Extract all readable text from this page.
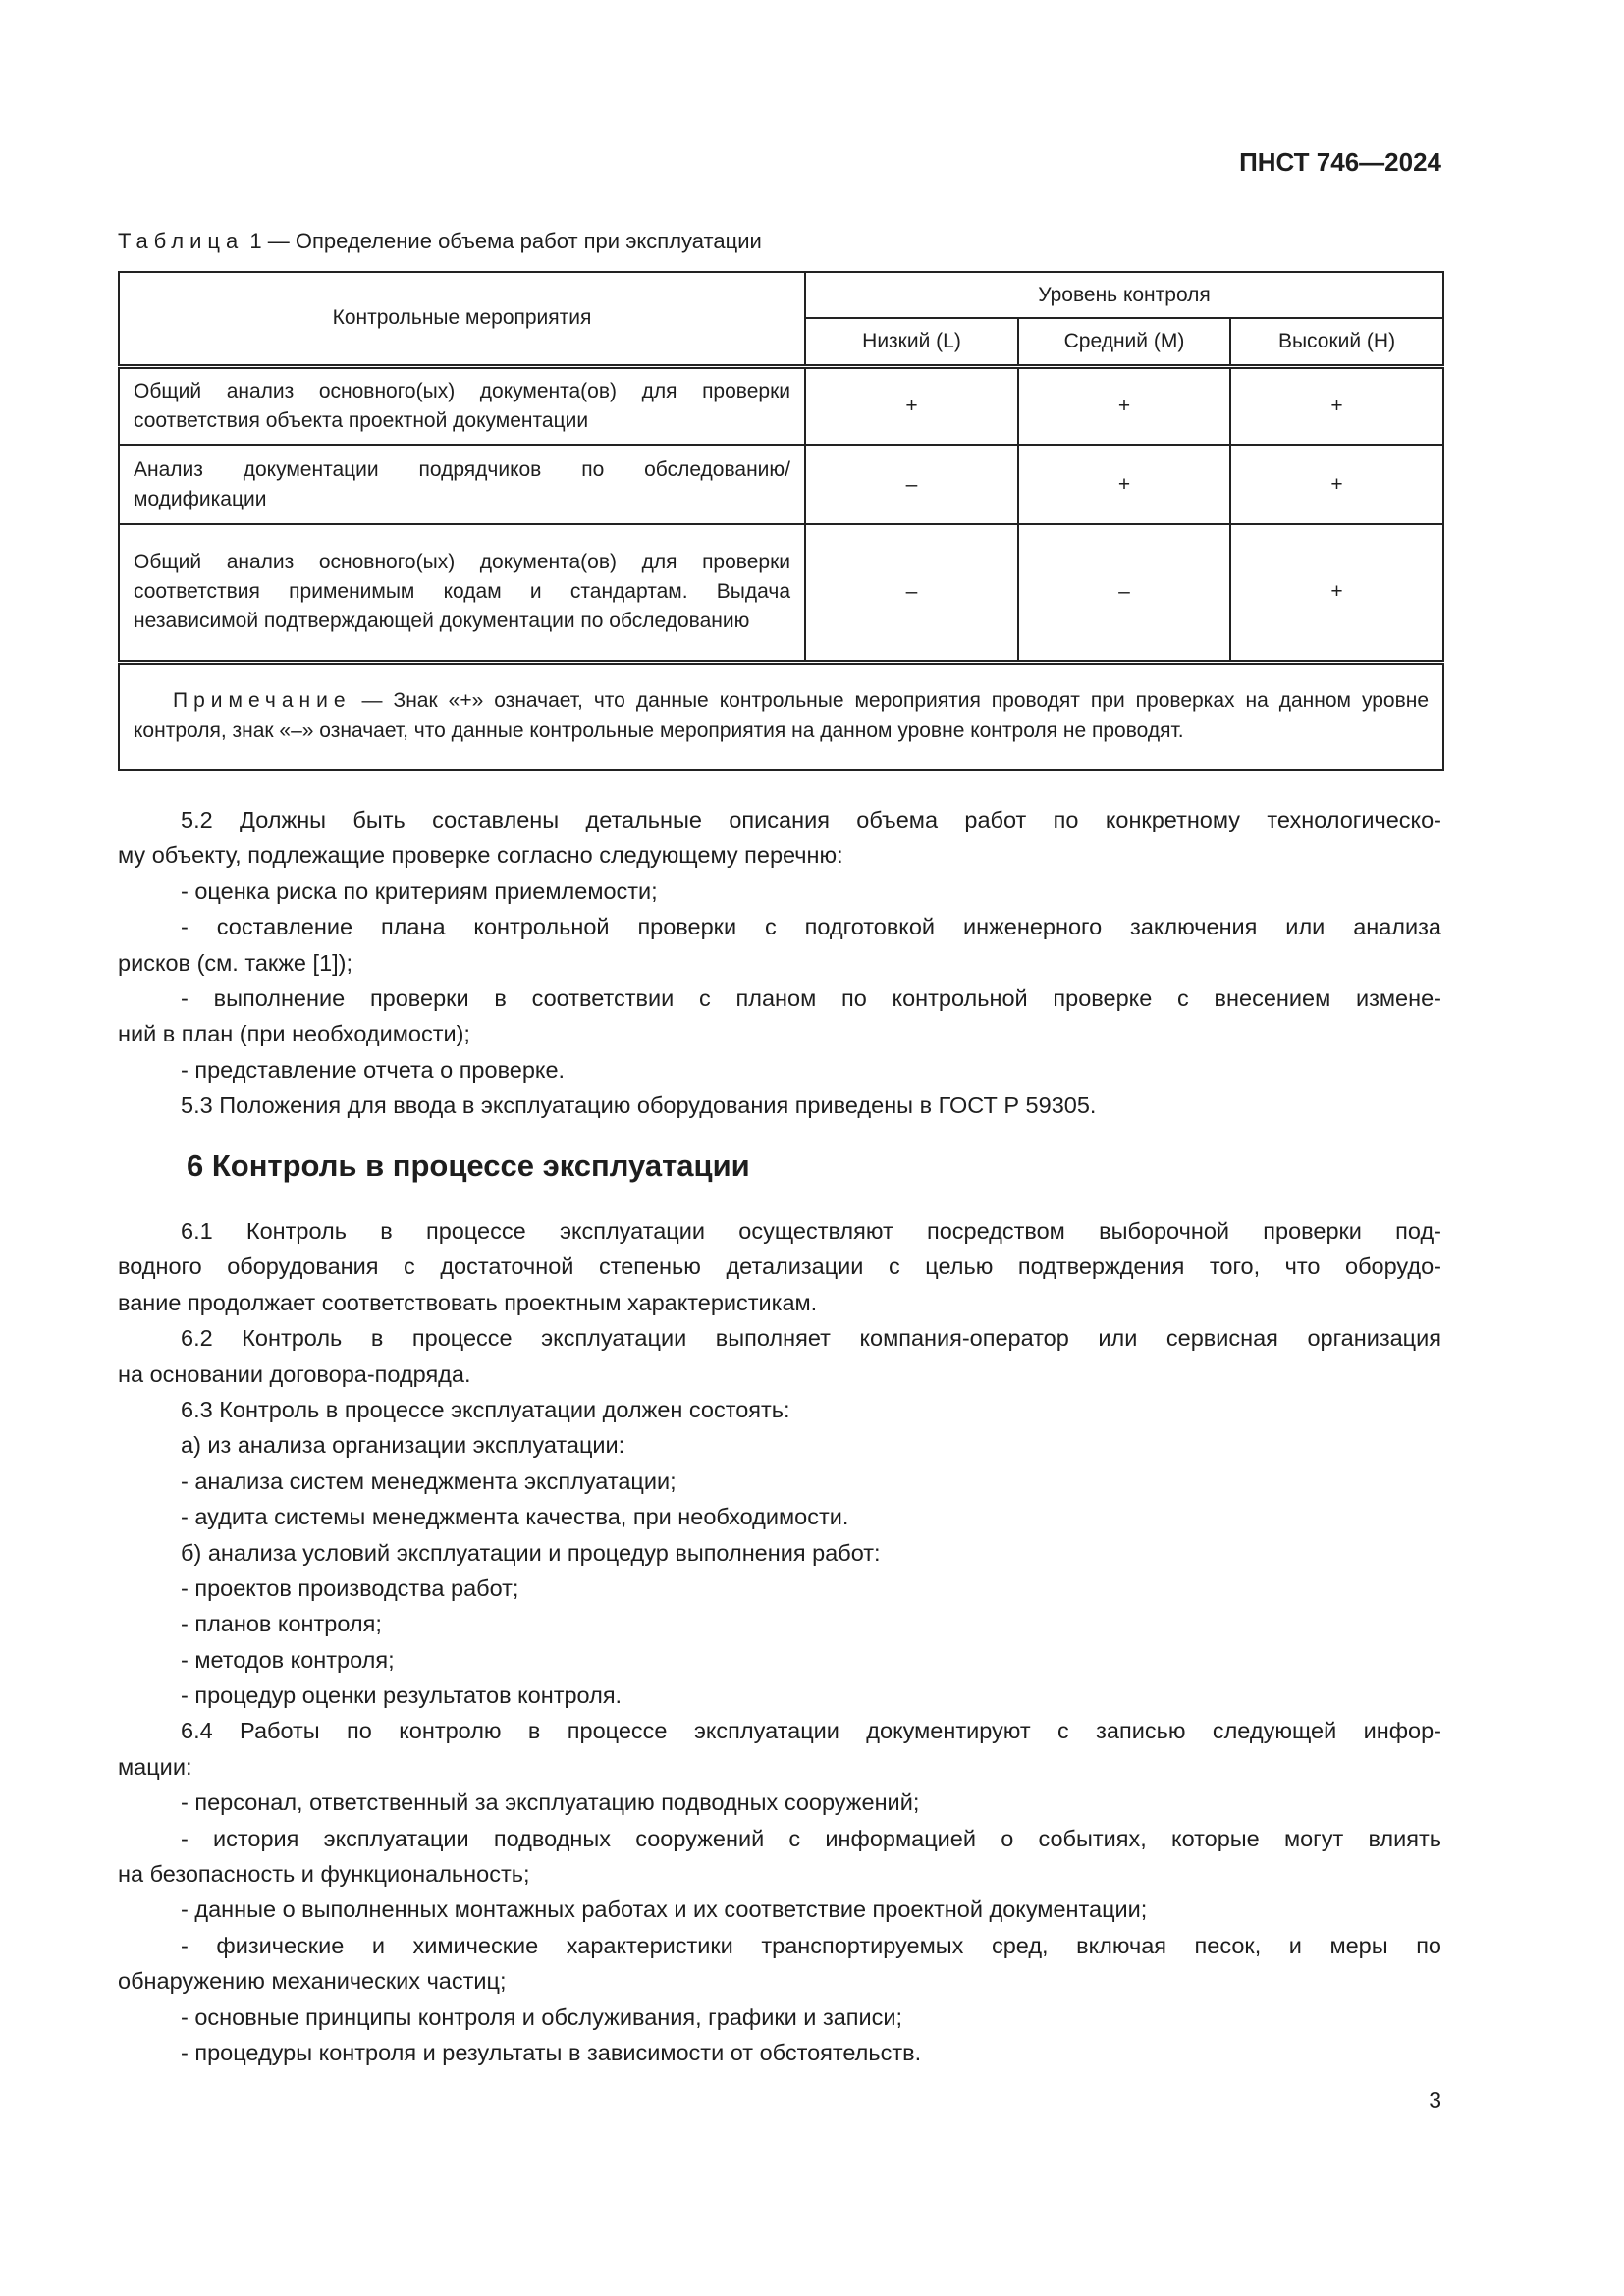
ПНСТ 746—2024
Таблица 1 — Определение объема работ при эксплуатации
Контрольные мероприятия	Уровень контроля		
	Низкий (L)	Средний (M)	Высокий (H)
Общий анализ основного(ых) документа(ов) для проверки соответствия объекта проектной документации	+	+	+
Анализ документации подрядчиков по обследованию/ модификации	–	+	+
Общий анализ основного(ых) документа(ов) для проверки соответствия применимым кодам и стандартам. Выдача независимой подтверждающей документации по обследованию	–	–	+
Примечание — Знак «+» означает, что данные контрольные мероприятия проводят при проверках на данном уровне контроля, знак «–» означает, что данные контрольные мероприятия на данном уровне контроля не проводят.			
5.2 Должны быть составлены детальные описания объема работ по конкретному технологическо-
му объекту, подлежащие проверке согласно следующему перечню:
- оценка риска по критериям приемлемости;
- составление плана контрольной проверки с подготовкой инженерного заключения или анализа
рисков (см. также [1]);
- выполнение проверки в соответствии с планом по контрольной проверке с внесением измене-
ний в план (при необходимости);
- представление отчета о проверке.
5.3 Положения для ввода в эксплуатацию оборудования приведены в ГОСТ Р 59305.
6 Контроль в процессе эксплуатации
6.1 Контроль в процессе эксплуатации осуществляют посредством выборочной проверки под-
водного оборудования с достаточной степенью детализации с целью подтверждения того, что оборудо-
вание продолжает соответствовать проектным характеристикам.
6.2 Контроль в процессе эксплуатации выполняет компания-оператор или сервисная организация
на основании договора-подряда.
6.3 Контроль в процессе эксплуатации должен состоять:
а) из анализа организации эксплуатации:
- анализа систем менеджмента эксплуатации;
- аудита системы менеджмента качества, при необходимости.
б) анализа условий эксплуатации и процедур выполнения работ:
- проектов производства работ;
- планов контроля;
- методов контроля;
- процедур оценки результатов контроля.
6.4 Работы по контролю в процессе эксплуатации документируют с записью следующей инфор-
мации:
- персонал, ответственный за эксплуатацию подводных сооружений;
- история эксплуатации подводных сооружений с информацией о событиях, которые могут влиять
на безопасность и функциональность;
- данные о выполненных монтажных работах и их соответствие проектной документации;
- физические и химические характеристики транспортируемых сред, включая песок, и меры по
обнаружению механических частиц;
- основные принципы контроля и обслуживания, графики и записи;
- процедуры контроля и результаты в зависимости от обстоятельств.
3
